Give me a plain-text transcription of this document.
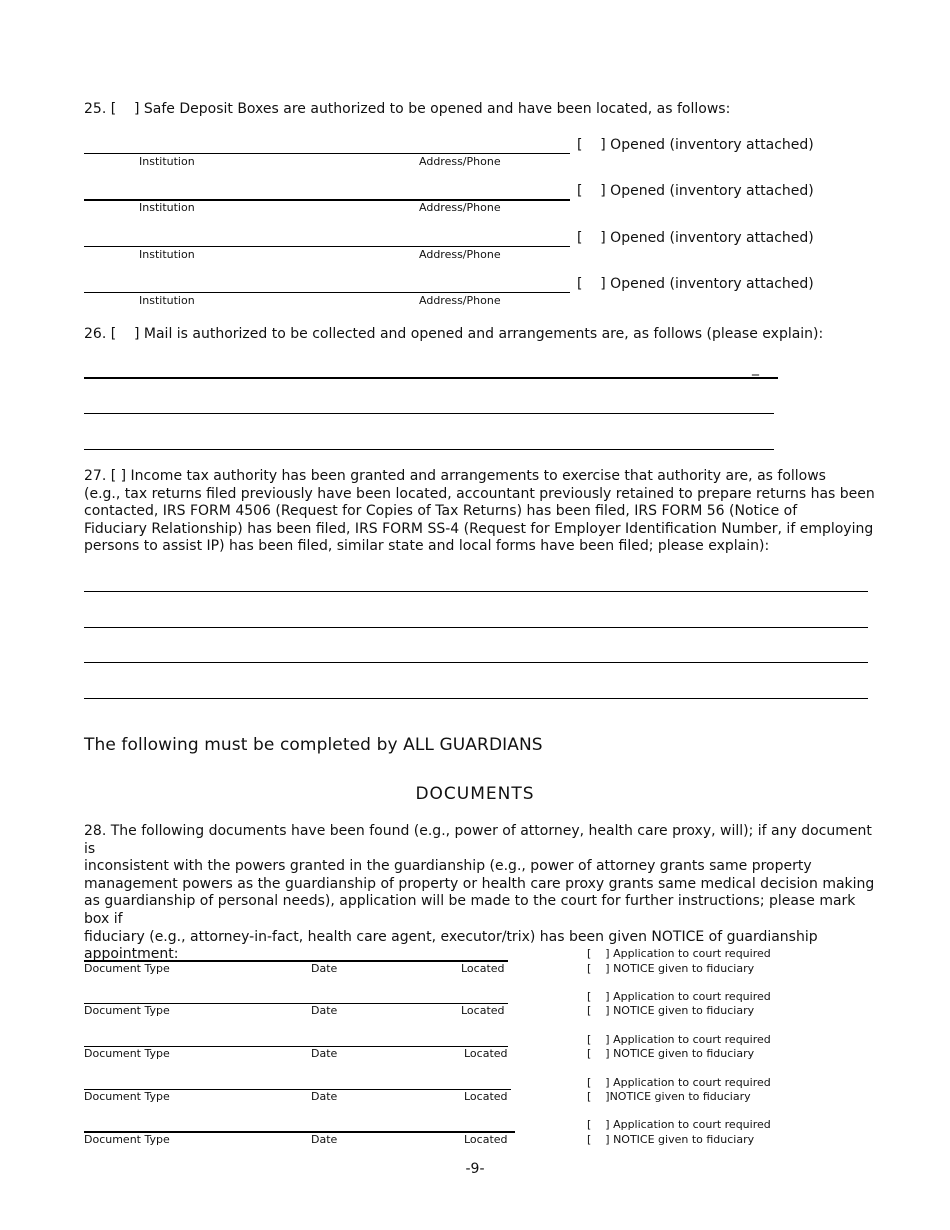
25. [    ] Safe Deposit Boxes are authorized to be opened and have been located, as follows:
[    ] Opened (inventory attached)
Institution	Address/Phone
[    ] Opened (inventory attached)
Institution	Address/Phone
[    ] Opened (inventory attached)
Institution	Address/Phone
[    ] Opened (inventory attached)
Institution	Address/Phone
26. [    ] Mail is authorized to be collected and opened and arrangements are, as follows (please explain):
_

27. [ ] Income tax authority has been granted and arrangements to exercise that authority are, as follows

(e.g., tax returns filed previously have been located, accountant previously retained to prepare returns has been

contacted, IRS FORM 4506 (Request for Copies of Tax Returns) has been filed, IRS FORM 56 (Notice of

Fiduciary Relationship) has been filed, IRS FORM SS-4 (Request for Employer Identification Number, if employing

persons to assist IP) has been filed, similar state and local forms have been filed; please explain):

The following must be completed by ALL GUARDIANS
DOCUMENTS

28. The following documents have been found (e.g., power of attorney, health care proxy, will); if any document is

inconsistent with the powers granted in the guardianship (e.g., power of attorney grants same property

management powers as the guardianship of property or health care proxy grants same medical decision making

as guardianship of personal needs), application will be made to the court for further instructions; please mark box if

fiduciary (e.g., attorney-in-fact, health care agent, executor/trix) has been given NOTICE of guardianship

appointment:

Document Type	Date	Located
[    ] Application to court required
[    ] NOTICE given to fiduciary
Document Type	Date	Located
[    ] Application to court required
[    ] NOTICE given to fiduciary
Document Type	Date	Located
[    ] Application to court required
[    ] NOTICE given to fiduciary
Document Type	Date	Located
[    ] Application to court required
[    ]NOTICE given to fiduciary
Document Type	Date	Located
[    ] Application to court required
[    ] NOTICE given to fiduciary
-9-
